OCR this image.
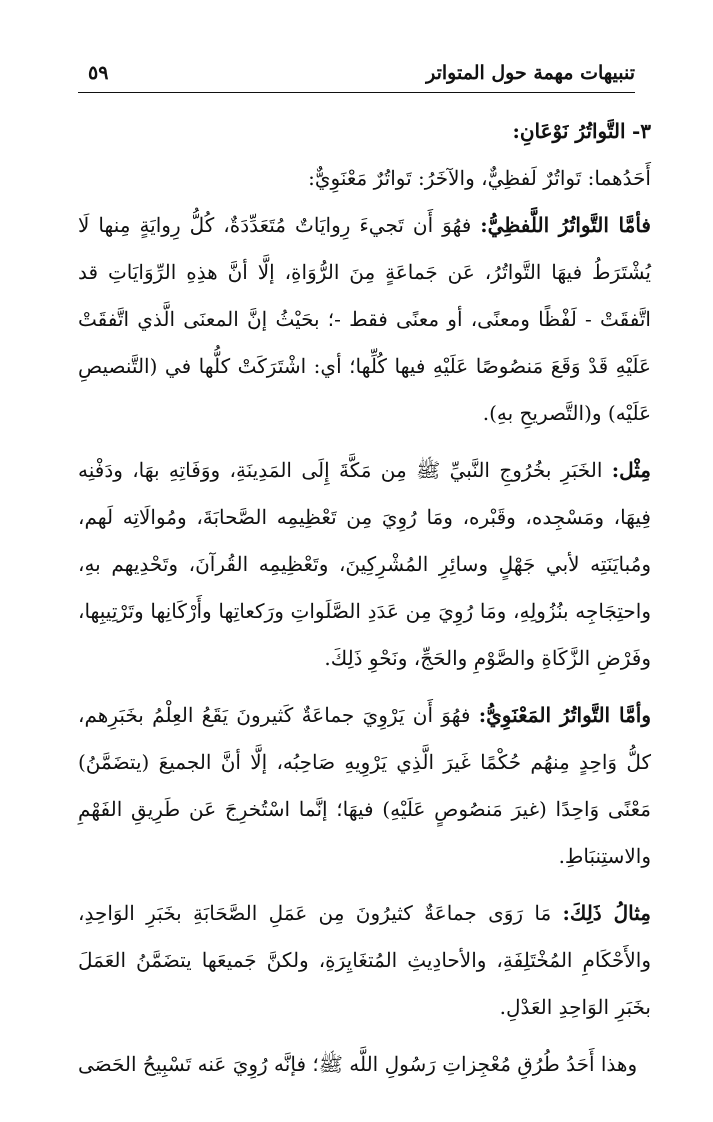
تنبيهات مهمة حول المتواتر
٥٩

٣- التَّواتُرُ نَوْعَانِ:

أَحَدُهما: تَواتُرٌ لَفظِيٌّ، والآخَرُ: تَواتُرٌ مَعْنَوِيٌّ:

فأمَّا التَّواتُرُ اللَّفظِيُّ: فهُوَ أَن تَجيءَ رِوايَاتٌ مُتَعَدِّدَةٌ، كُلُّ رِوايَةٍ مِنها لَا يُشْتَرَطُ فيهَا التَّواتُرُ، عَن جَماعَةٍ مِنَ الرُّوَاةِ، إلَّا أنَّ هذِهِ الرِّوَايَاتِ قد اتَّفقَتْ - لَفْظًا ومعنًى، أو معنًى فقط -؛ بحَيْثُ إنَّ المعنَى الَّذي اتَّفقَتْ عَلَيْهِ قَدْ وَقَعَ مَنصُوصًا عَلَيْهِ فيها كُلِّها؛ أي: اشْتَرَكَتْ كلُّها في (التَّنصيصِ عَلَيْه) و(التَّصريحِ بهِ).

مِثْل: الخَبَرِ بخُرُوجِ النَّبيِّ ﷺ مِن مَكَّةَ إِلَى المَدِينَةِ، ووَفَاتِهِ بهَا، ودَفْنِه فِيهَا، ومَسْجِده، وقَبْره، ومَا رُوِيَ مِن تَعْظِيمِه الصَّحابَةَ، ومُوالَاتِه لَهم، ومُبايَنَتِه لأبي جَهْلٍ وسائِرِ المُشْرِكِينَ، وتَعْظِيمِه القُرآنَ، وتَحْدِيهم بهِ، واحتِجَاجِه بنُزُولِهِ، ومَا رُوِيَ مِن عَدَدِ الصَّلَواتِ ورَكعاتِها وأَرْكَانِها وتَرْتِيبِها، وفَرْضِ الزَّكَاةِ والصَّوْمِ والحَجِّ، ونَحْوِ ذَلِكَ.

وأمَّا التَّواتُرُ المَعْنَوِيُّ: فهُوَ أَن يَرْوِيَ جماعَةٌ كَثيرونَ يَقَعُ العِلْمُ بخَبَرِهم، كلُّ وَاحِدٍ مِنهُم حُكْمًا غَيرَ الَّذِي يَرْوِيهِ صَاحِبُه، إلَّا أنَّ الجميعَ (يتضَمَّنُ) مَعْنًى وَاحِدًا (غيرَ مَنصُوصٍ عَلَيْهِ) فيهَا؛ إنَّما اسْتُخرِجَ عَن طَرِيقِ الفَهْمِ والاستِنبَاطِ.

مِثالُ ذَلِكَ: مَا رَوَى جماعَةٌ كثيرُونَ مِن عَمَلِ الصَّحَابَةِ بخَبَرِ الوَاحِدِ، والأَحْكَامِ المُخْتَلِفَةِ، والأحادِيثِ المُتغَايِرَةِ، ولكنَّ جَميعَها يتضَمَّنُ العَمَلَ بخَبَرِ الوَاحِدِ العَدْلِ.

وهذا أَحَدُ طُرُقِ مُعْجِزاتِ رَسُولِ اللَّه ﷺ؛ فإنَّه رُوِيَ عَنه تَسْبِيحُ الحَصَى
